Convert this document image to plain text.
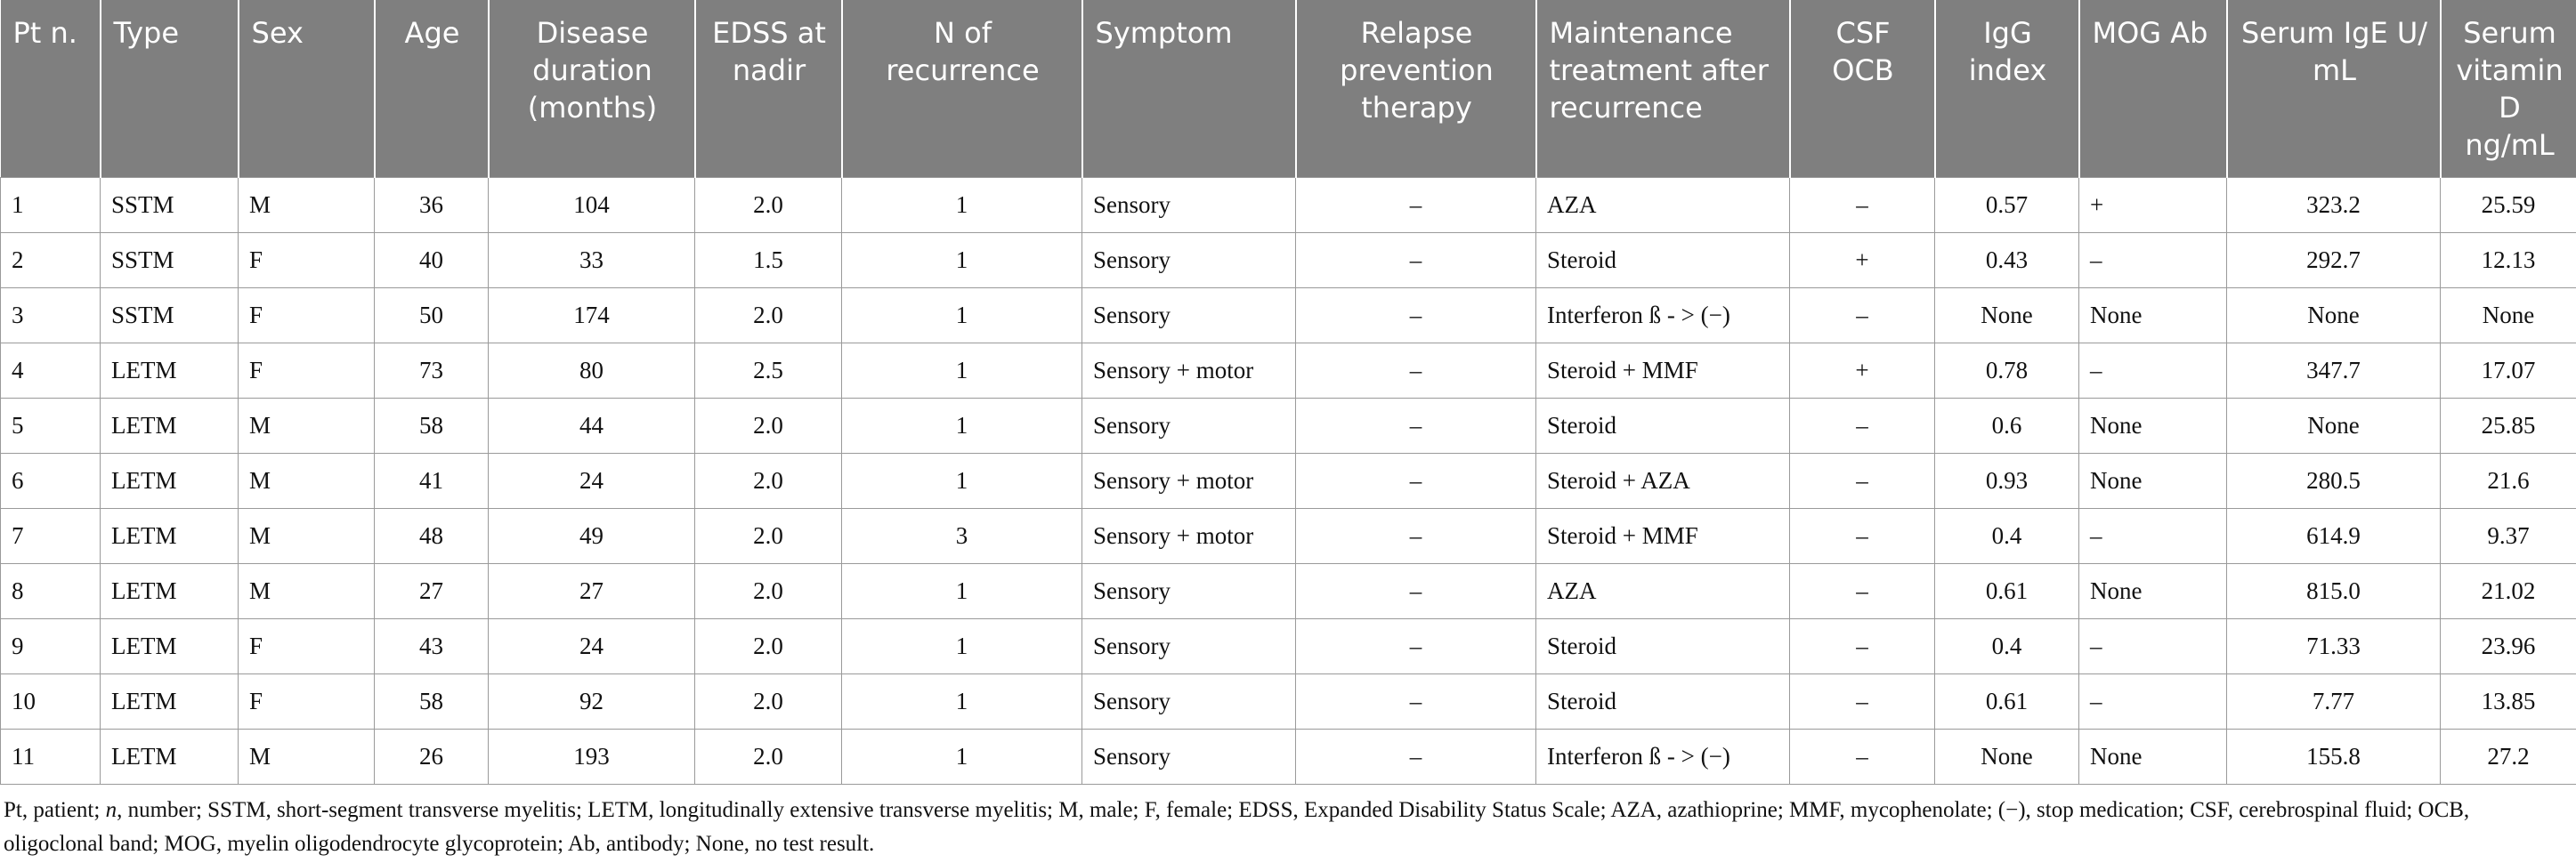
Pt n.	Type	Sex	Age	Disease duration (months)	EDSS at nadir	N of recurrence	Symptom	Relapse prevention therapy	Maintenance treatment after recurrence	CSF OCB	IgG index	MOG Ab	Serum IgE U/ mL	Serum vitamin D ng/mL
1	SSTM	M	36	104	2.0	1	Sensory	–	AZA	–	0.57	+	323.2	25.59
2	SSTM	F	40	33	1.5	1	Sensory	–	Steroid	+	0.43	–	292.7	12.13
3	SSTM	F	50	174	2.0	1	Sensory	–	Interferon ß - > (−)	–	None	None	None	None
4	LETM	F	73	80	2.5	1	Sensory + motor	–	Steroid + MMF	+	0.78	–	347.7	17.07
5	LETM	M	58	44	2.0	1	Sensory	–	Steroid	–	0.6	None	None	25.85
6	LETM	M	41	24	2.0	1	Sensory + motor	–	Steroid + AZA	–	0.93	None	280.5	21.6
7	LETM	M	48	49	2.0	3	Sensory + motor	–	Steroid + MMF	–	0.4	–	614.9	9.37
8	LETM	M	27	27	2.0	1	Sensory	–	AZA	–	0.61	None	815.0	21.02
9	LETM	F	43	24	2.0	1	Sensory	–	Steroid	–	0.4	–	71.33	23.96
10	LETM	F	58	92	2.0	1	Sensory	–	Steroid	–	0.61	–	7.77	13.85
11	LETM	M	26	193	2.0	1	Sensory	–	Interferon ß - > (−)	–	None	None	155.8	27.2
Pt, patient; n, number; SSTM, short-segment transverse myelitis; LETM, longitudinally extensive transverse myelitis; M, male; F, female; EDSS, Expanded Disability Status Scale; AZA, azathioprine; MMF, mycophenolate; (−), stop medication; CSF, cerebrospinal fluid; OCB, oligoclonal band; MOG, myelin oligodendrocyte glycoprotein; Ab, antibody; None, no test result.
